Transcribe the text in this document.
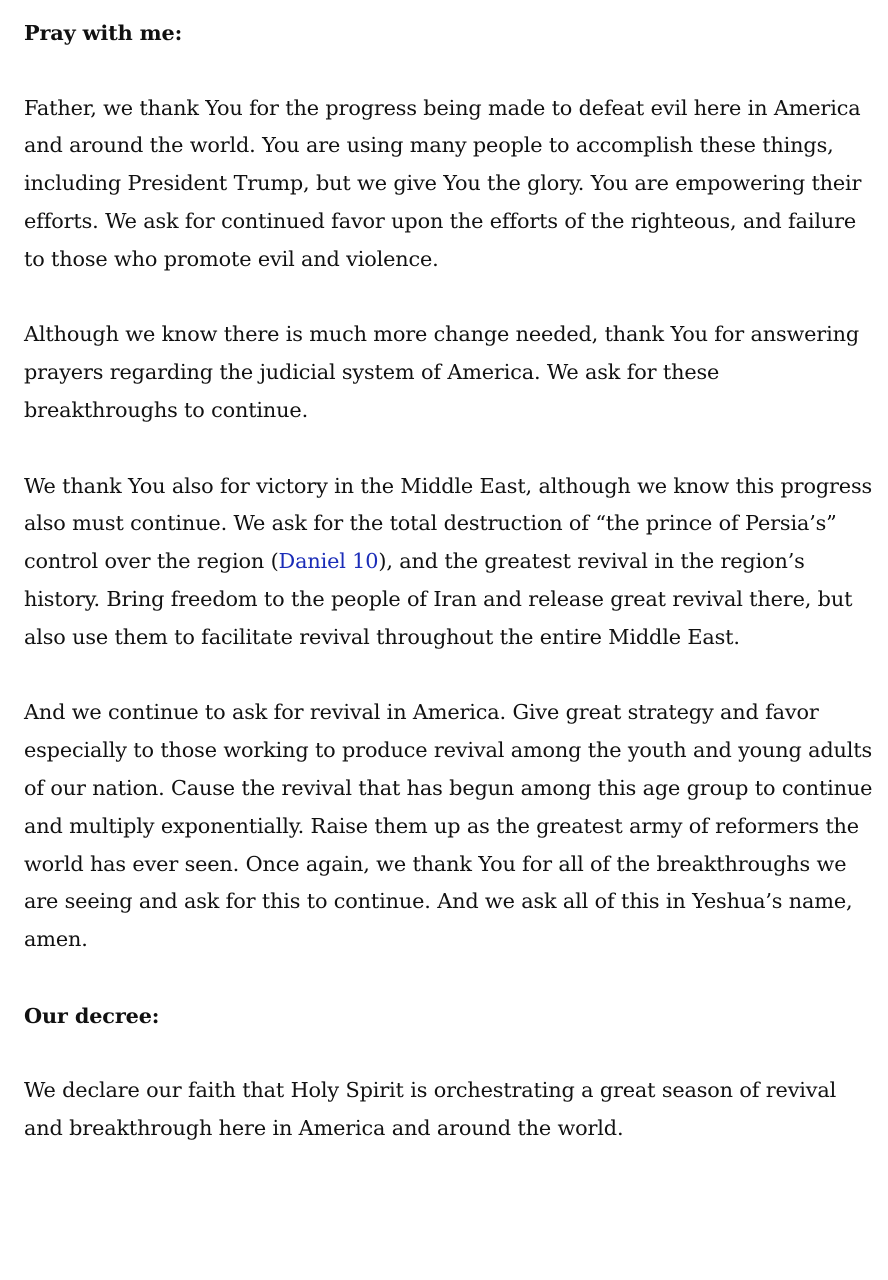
Pray with me:

Father, we thank You for the progress being made to defeat evil here in America and around the world. You are using many people to accomplish these things, including President Trump, but we give You the glory. You are empowering their efforts. We ask for continued favor upon the efforts of the righteous, and failure to those who promote evil and violence.

Although we know there is much more change needed, thank You for answering prayers regarding the judicial system of America. We ask for these breakthroughs to continue.

We thank You also for victory in the Middle East, although we know this progress also must continue. We ask for the total destruction of “the prince of Persia’s” control over the region (Daniel 10), and the greatest revival in the region’s history. Bring freedom to the people of Iran and release great revival there, but also use them to facilitate revival throughout the entire Middle East.

And we continue to ask for revival in America. Give great strategy and favor especially to those working to produce revival among the youth and young adults of our nation. Cause the revival that has begun among this age group to continue and multiply exponentially. Raise them up as the greatest army of reformers the world has ever seen. Once again, we thank You for all of the breakthroughs we are seeing and ask for this to continue. And we ask all of this in Yeshua’s name, amen.

Our decree:

We declare our faith that Holy Spirit is orchestrating a great season of revival and breakthrough here in America and around the world.
